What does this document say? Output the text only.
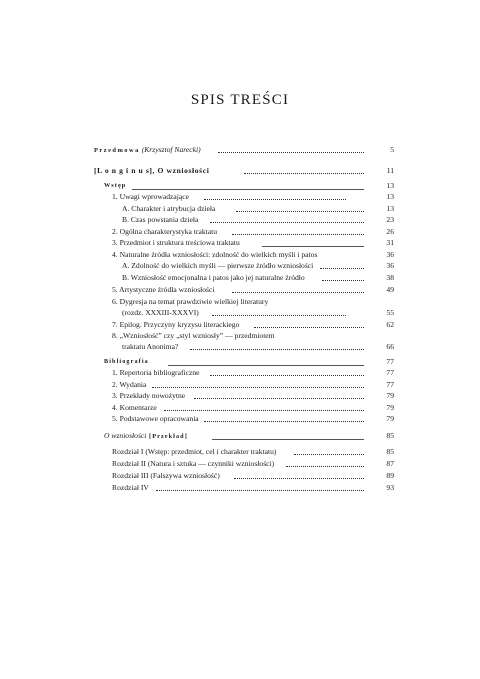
SPIS TREŚCI
Przedmowa (Krzysztof Narecki)	5
[L o n g i n u s], O wzniosłości	11
Wstęp	13
1. Uwagi wprowadzające	13
A. Charakter i atrybucja dzieła	13
B. Czas powstania dzieła	23
2. Ogólna charakterystyka traktatu	26
3. Przedmiot i struktura treściowa traktatu	31
4. Naturalne źródła wzniosłości: zdolność do wielkich myśli i patos	36
A. Zdolność do wielkich myśli — pierwsze źródło wzniosłości	36
B. Wzniosłość emocjonalna i patos jako jej naturalne źródło	38
5. Artystyczne źródła wzniosłości	49
6. Dygresja na temat prawdziwie wielkiej literatury
(rozdz. XXXIII-XXXVI)	55
7. Epilog. Przyczyny kryzysu literackiego	62
8. „Wzniosłość” czy „styl wzniosły” — przedmiotem
traktatu Anonima?	66
Bibliografia	77
1. Repertoria bibliograficzne	77
2. Wydania	77
3. Przekłady nowożytne	79
4. Komentarze	79
5. Podstawowe opracowania	79
O wzniosłości [Przekład]	85
Rozdział I (Wstęp: przedmiot, cel i charakter traktatu)	85
Rozdział II (Natura i sztuka — czynniki wzniosłości)	87
Rozdział III (Fałszywa wzniosłość)	89
Rozdział IV	93
